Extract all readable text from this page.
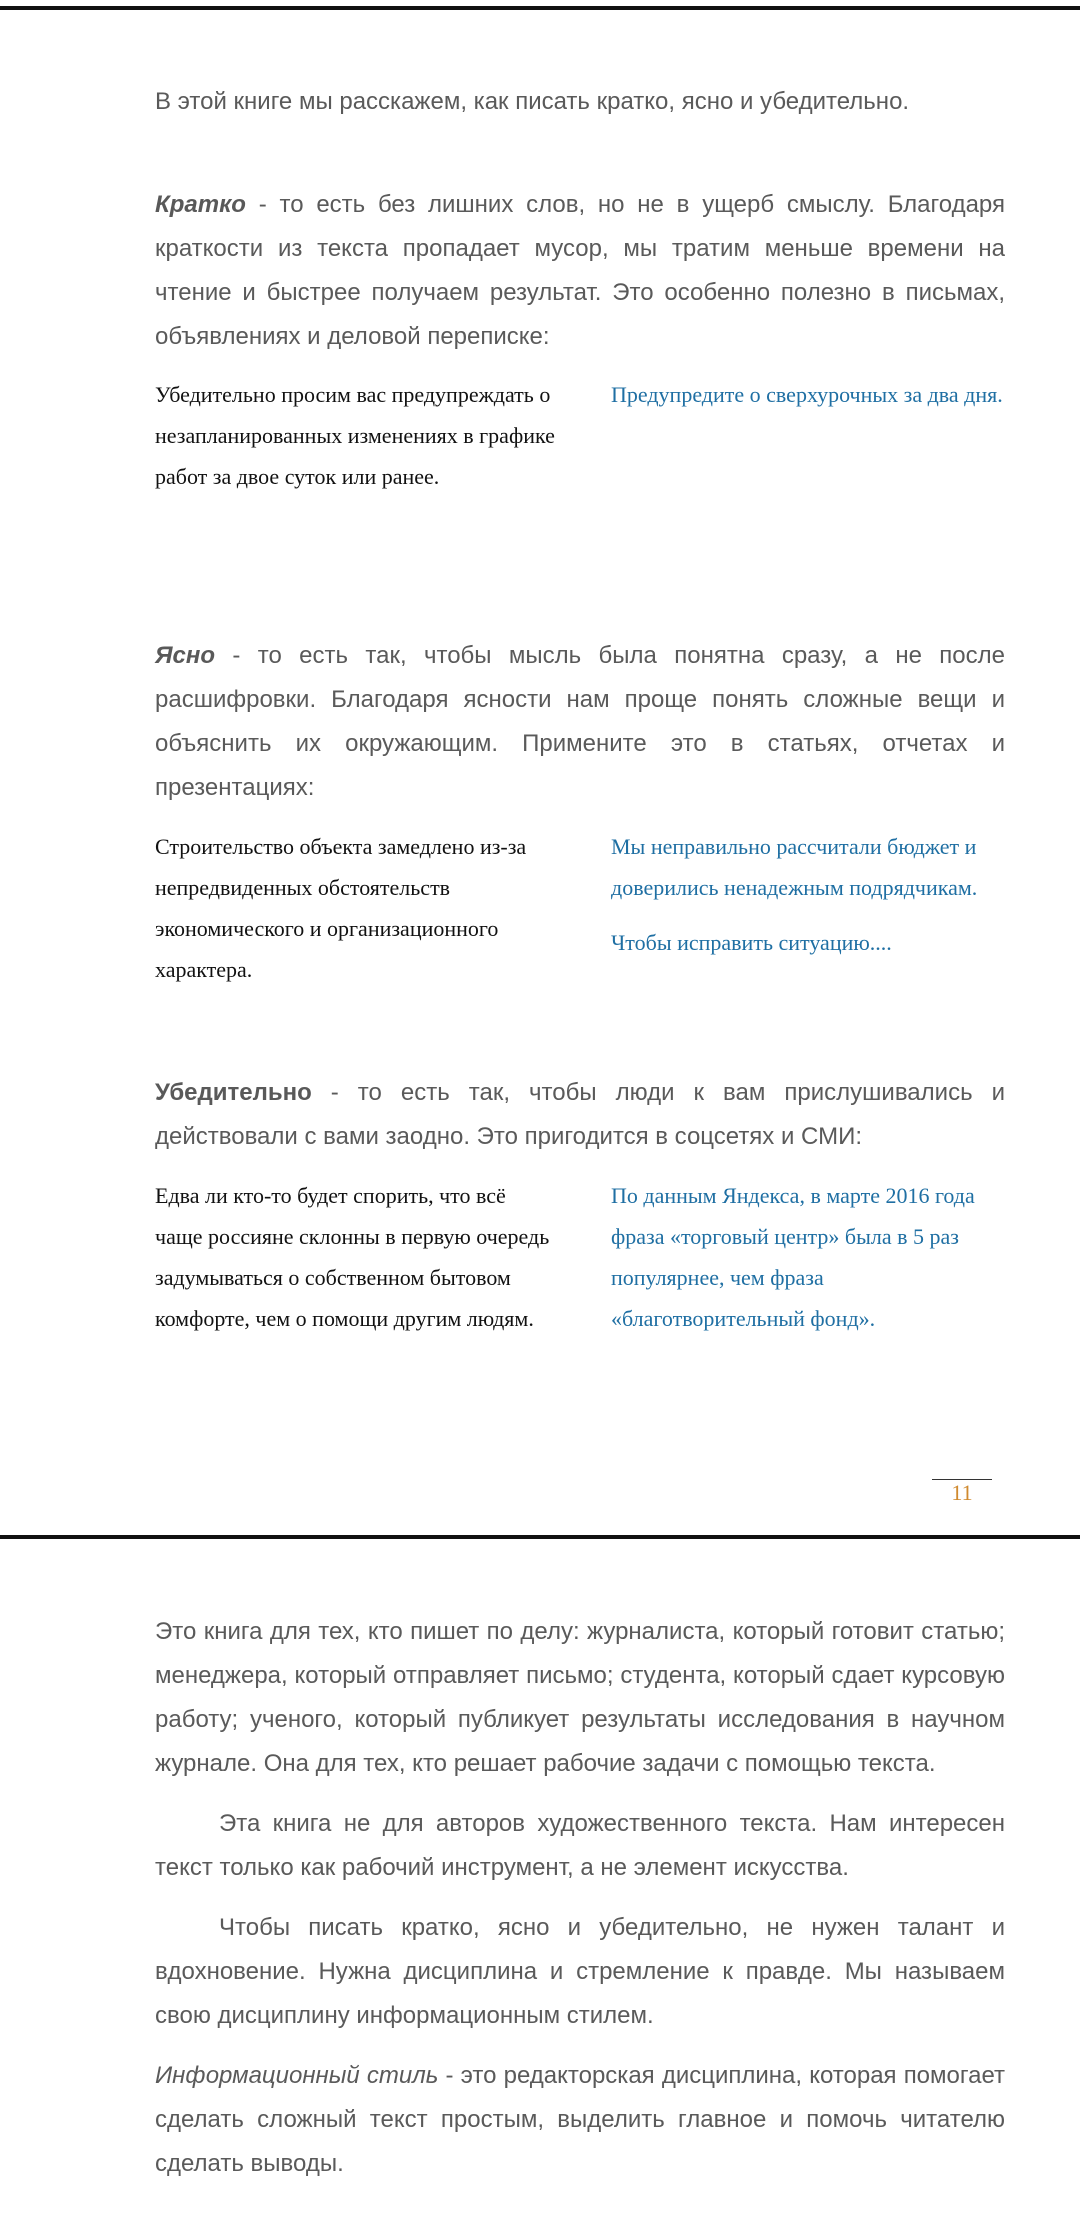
В этой книге мы расскажем, как писать кратко, ясно и убедительно.

Кратко - то есть без лишних слов, но не в ущерб смыслу. Благодаря краткости из текста пропадает мусор, мы тратим меньше времени на чтение и быстрее получаем результат. Это особенно полезно в письмах, объявлениях и деловой переписке:

Убедительно просим вас предупреждать о незапланированных изменениях в графике работ за двое суток или ранее.
Предупредите о сверхурочных за два дня.

Ясно - то есть так, чтобы мысль была понятна сразу, а не после расшифровки. Благодаря ясности нам проще понять сложные вещи и объяснить их окружающим. Примените это в статьях, отчетах и презентациях:

Строительство объекта замедлено из-за непредвиденных обстоятельств экономического и организационного характера.

Мы неправильно рассчитали бюджет и доверились ненадежным подрядчикам.

Чтобы исправить ситуацию....

Убедительно - то есть так, чтобы люди к вам прислушивались и действовали с вами заодно. Это пригодится в соцсетях и СМИ:

Едва ли кто-то будет спорить, что всё чаще россияне склонны в первую очередь задумываться о собственном бытовом комфорте, чем о помощи другим людям.
По данным Яндекса, в марте 2016 года фраза «торговый центр» была в 5 раз популярнее, чем фраза «благотворительный фонд».
11

Это книга для тех, кто пишет по делу: журналиста, который готовит статью; менеджера, который отправляет письмо; студента, который сдает курсовую работу; ученого, который публикует результаты исследования в научном журнале. Она для тех, кто решает рабочие задачи с помощью текста.

Эта книга не для авторов художественного текста. Нам интересен текст только как рабочий инструмент, а не элемент искусства.

Чтобы писать кратко, ясно и убедительно, не нужен талант и вдохновение. Нужна дисциплина и стремление к правде. Мы называем свою дисциплину информационным стилем.

Информационный стиль - это редакторская дисциплина, которая помогает сделать сложный текст простым, выделить главное и помочь читателю сделать выводы.
